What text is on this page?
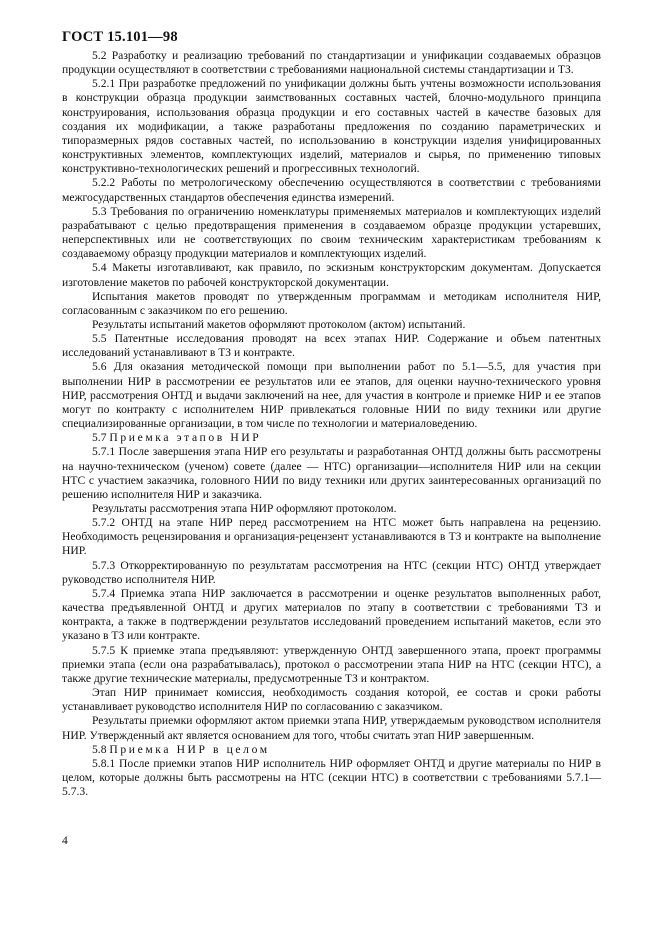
ГОСТ 15.101—98

5.2 Разработку и реализацию требований по стандартизации и унификации создаваемых образцов продукции осуществляют в соответствии с требованиями национальной системы стандартизации и ТЗ.

5.2.1 При разработке предложений по унификации должны быть учтены возможности использования в конструкции образца продукции заимствованных составных частей, блочно-модульного принципа конструирования, использования образца продукции и его составных частей в качестве базовых для создания их модификации, а также разработаны предложения по созданию параметрических и типоразмерных рядов составных частей, по использованию в конструкции изделия унифицированных конструктивных элементов, комплектующих изделий, материалов и сырья, по применению типовых конструктивно-технологических решений и прогрессивных технологий.

5.2.2 Работы по метрологическому обеспечению осуществляются в соответствии с требованиями межгосударственных стандартов обеспечения единства измерений.

5.3 Требования по ограничению номенклатуры применяемых материалов и комплектующих изделий разрабатывают с целью предотвращения применения в создаваемом образце продукции устаревших, неперспективных или не соответствующих по своим техническим характеристикам требованиям к создаваемому образцу продукции материалов и комплектующих изделий.

5.4 Макеты изготавливают, как правило, по эскизным конструкторским документам. Допускается изготовление макетов по рабочей конструкторской документации.

Испытания макетов проводят по утвержденным программам и методикам исполнителя НИР, согласованным с заказчиком по его решению.

Результаты испытаний макетов оформляют протоколом (актом) испытаний.

5.5 Патентные исследования проводят на всех этапах НИР. Содержание и объем патентных исследований устанавливают в ТЗ и контракте.

5.6 Для оказания методической помощи при выполнении работ по 5.1—5.5, для участия при выполнении НИР в рассмотрении ее результатов или ее этапов, для оценки научно-технического уровня НИР, рассмотрения ОНТД и выдачи заключений на нее, для участия в контроле и приемке НИР и ее этапов могут по контракту с исполнителем НИР привлекаться головные НИИ по виду техники или другие специализированные организации, в том числе по технологии и материаловедению.

5.7 Приемка этапов НИР

5.7.1 После завершения этапа НИР его результаты и разработанная ОНТД должны быть рассмотрены на научно-техническом (ученом) совете (далее — НТС) организации—исполнителя НИР или на секции НТС с участием заказчика, головного НИИ по виду техники или других заинтересованных организаций по решению исполнителя НИР и заказчика.

Результаты рассмотрения этапа НИР оформляют протоколом.

5.7.2 ОНТД на этапе НИР перед рассмотрением на НТС может быть направлена на рецензию. Необходимость рецензирования и организация-рецензент устанавливаются в ТЗ и контракте на выполнение НИР.

5.7.3 Откорректированную по результатам рассмотрения на НТС (секции НТС) ОНТД утверждает руководство исполнителя НИР.

5.7.4 Приемка этапа НИР заключается в рассмотрении и оценке результатов выполненных работ, качества предъявленной ОНТД и других материалов по этапу в соответствии с требованиями ТЗ и контракта, а также в подтверждении результатов исследований проведением испытаний макетов, если это указано в ТЗ или контракте.

5.7.5 К приемке этапа предъявляют: утвержденную ОНТД завершенного этапа, проект программы приемки этапа (если она разрабатывалась), протокол о рассмотрении этапа НИР на НТС (секции НТС), а также другие технические материалы, предусмотренные ТЗ и контрактом.

Этап НИР принимает комиссия, необходимость создания которой, ее состав и сроки работы устанавливает руководство исполнителя НИР по согласованию с заказчиком.

Результаты приемки оформляют актом приемки этапа НИР, утверждаемым руководством исполнителя НИР. Утвержденный акт является основанием для того, чтобы считать этап НИР завершенным.

5.8 Приемка НИР в целом

5.8.1 После приемки этапов НИР исполнитель НИР оформляет ОНТД и другие материалы по НИР в целом, которые должны быть рассмотрены на НТС (секции НТС) в соответствии с требованиями 5.7.1—5.7.3.

4
